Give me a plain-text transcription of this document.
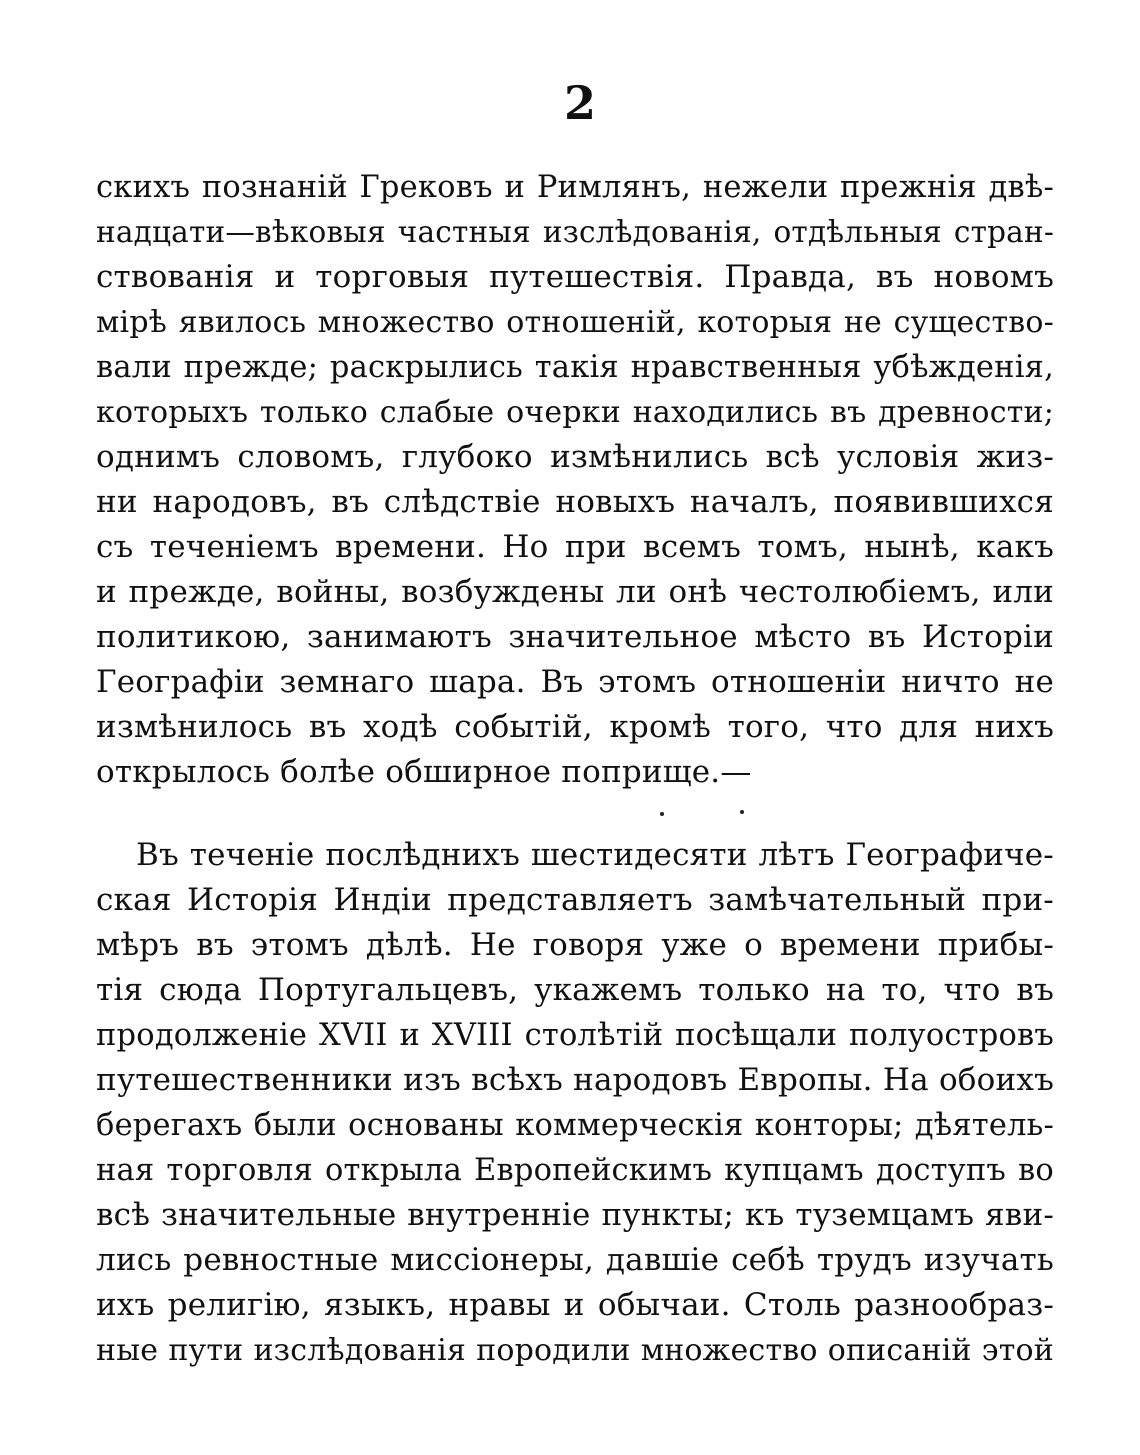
2
скихъ познаній Грековъ и Римлянъ, нежели прежнія двѣ-
надцати—вѣковыя частныя изслѣдованія, отдѣльныя стран-
ствованія и торговыя путешествія. Правда, въ новомъ
мірѣ явилось множество отношеній, которыя не существо-
вали прежде; раскрылись такія нравственныя убѣжденія,
которыхъ только слабые очерки находились въ древности;
однимъ словомъ, глубоко измѣнились всѣ условія жиз-
ни народовъ, въ слѣдствіе новыхъ началъ, появившихся
съ теченіемъ времени. Но при всемъ томъ, нынѣ, какъ
и прежде, войны, возбуждены ли онѣ честолюбіемъ, или
политикою, занимаютъ значительное мѣсто въ Исторіи
Географіи земнаго шара. Въ этомъ отношеніи ничто не
измѣнилось въ ходѣ событій, кромѣ того, что для нихъ
открылось болѣе обширное поприще.—
Въ теченіе послѣднихъ шестидесяти лѣтъ Географиче-
ская Исторія Индіи представляетъ замѣчательный при-
мѣръ въ этомъ дѣлѣ. Не говоря уже о времени прибы-
тія сюда Португальцевъ, укажемъ только на то, что въ
продолженіе XVII и XVIII столѣтій посѣщали полуостровъ
путешественники изъ всѣхъ народовъ Европы. На обоихъ
берегахъ были основаны коммерческія конторы; дѣятель-
ная торговля открыла Европейскимъ купцамъ доступъ во
всѣ значительные внутренніе пункты; къ туземцамъ яви-
лись ревностные миссіонеры, давшіе себѣ трудъ изучать
ихъ религію, языкъ, нравы и обычаи. Столь разнообраз-
ные пути изслѣдованія породили множество описаній этой
